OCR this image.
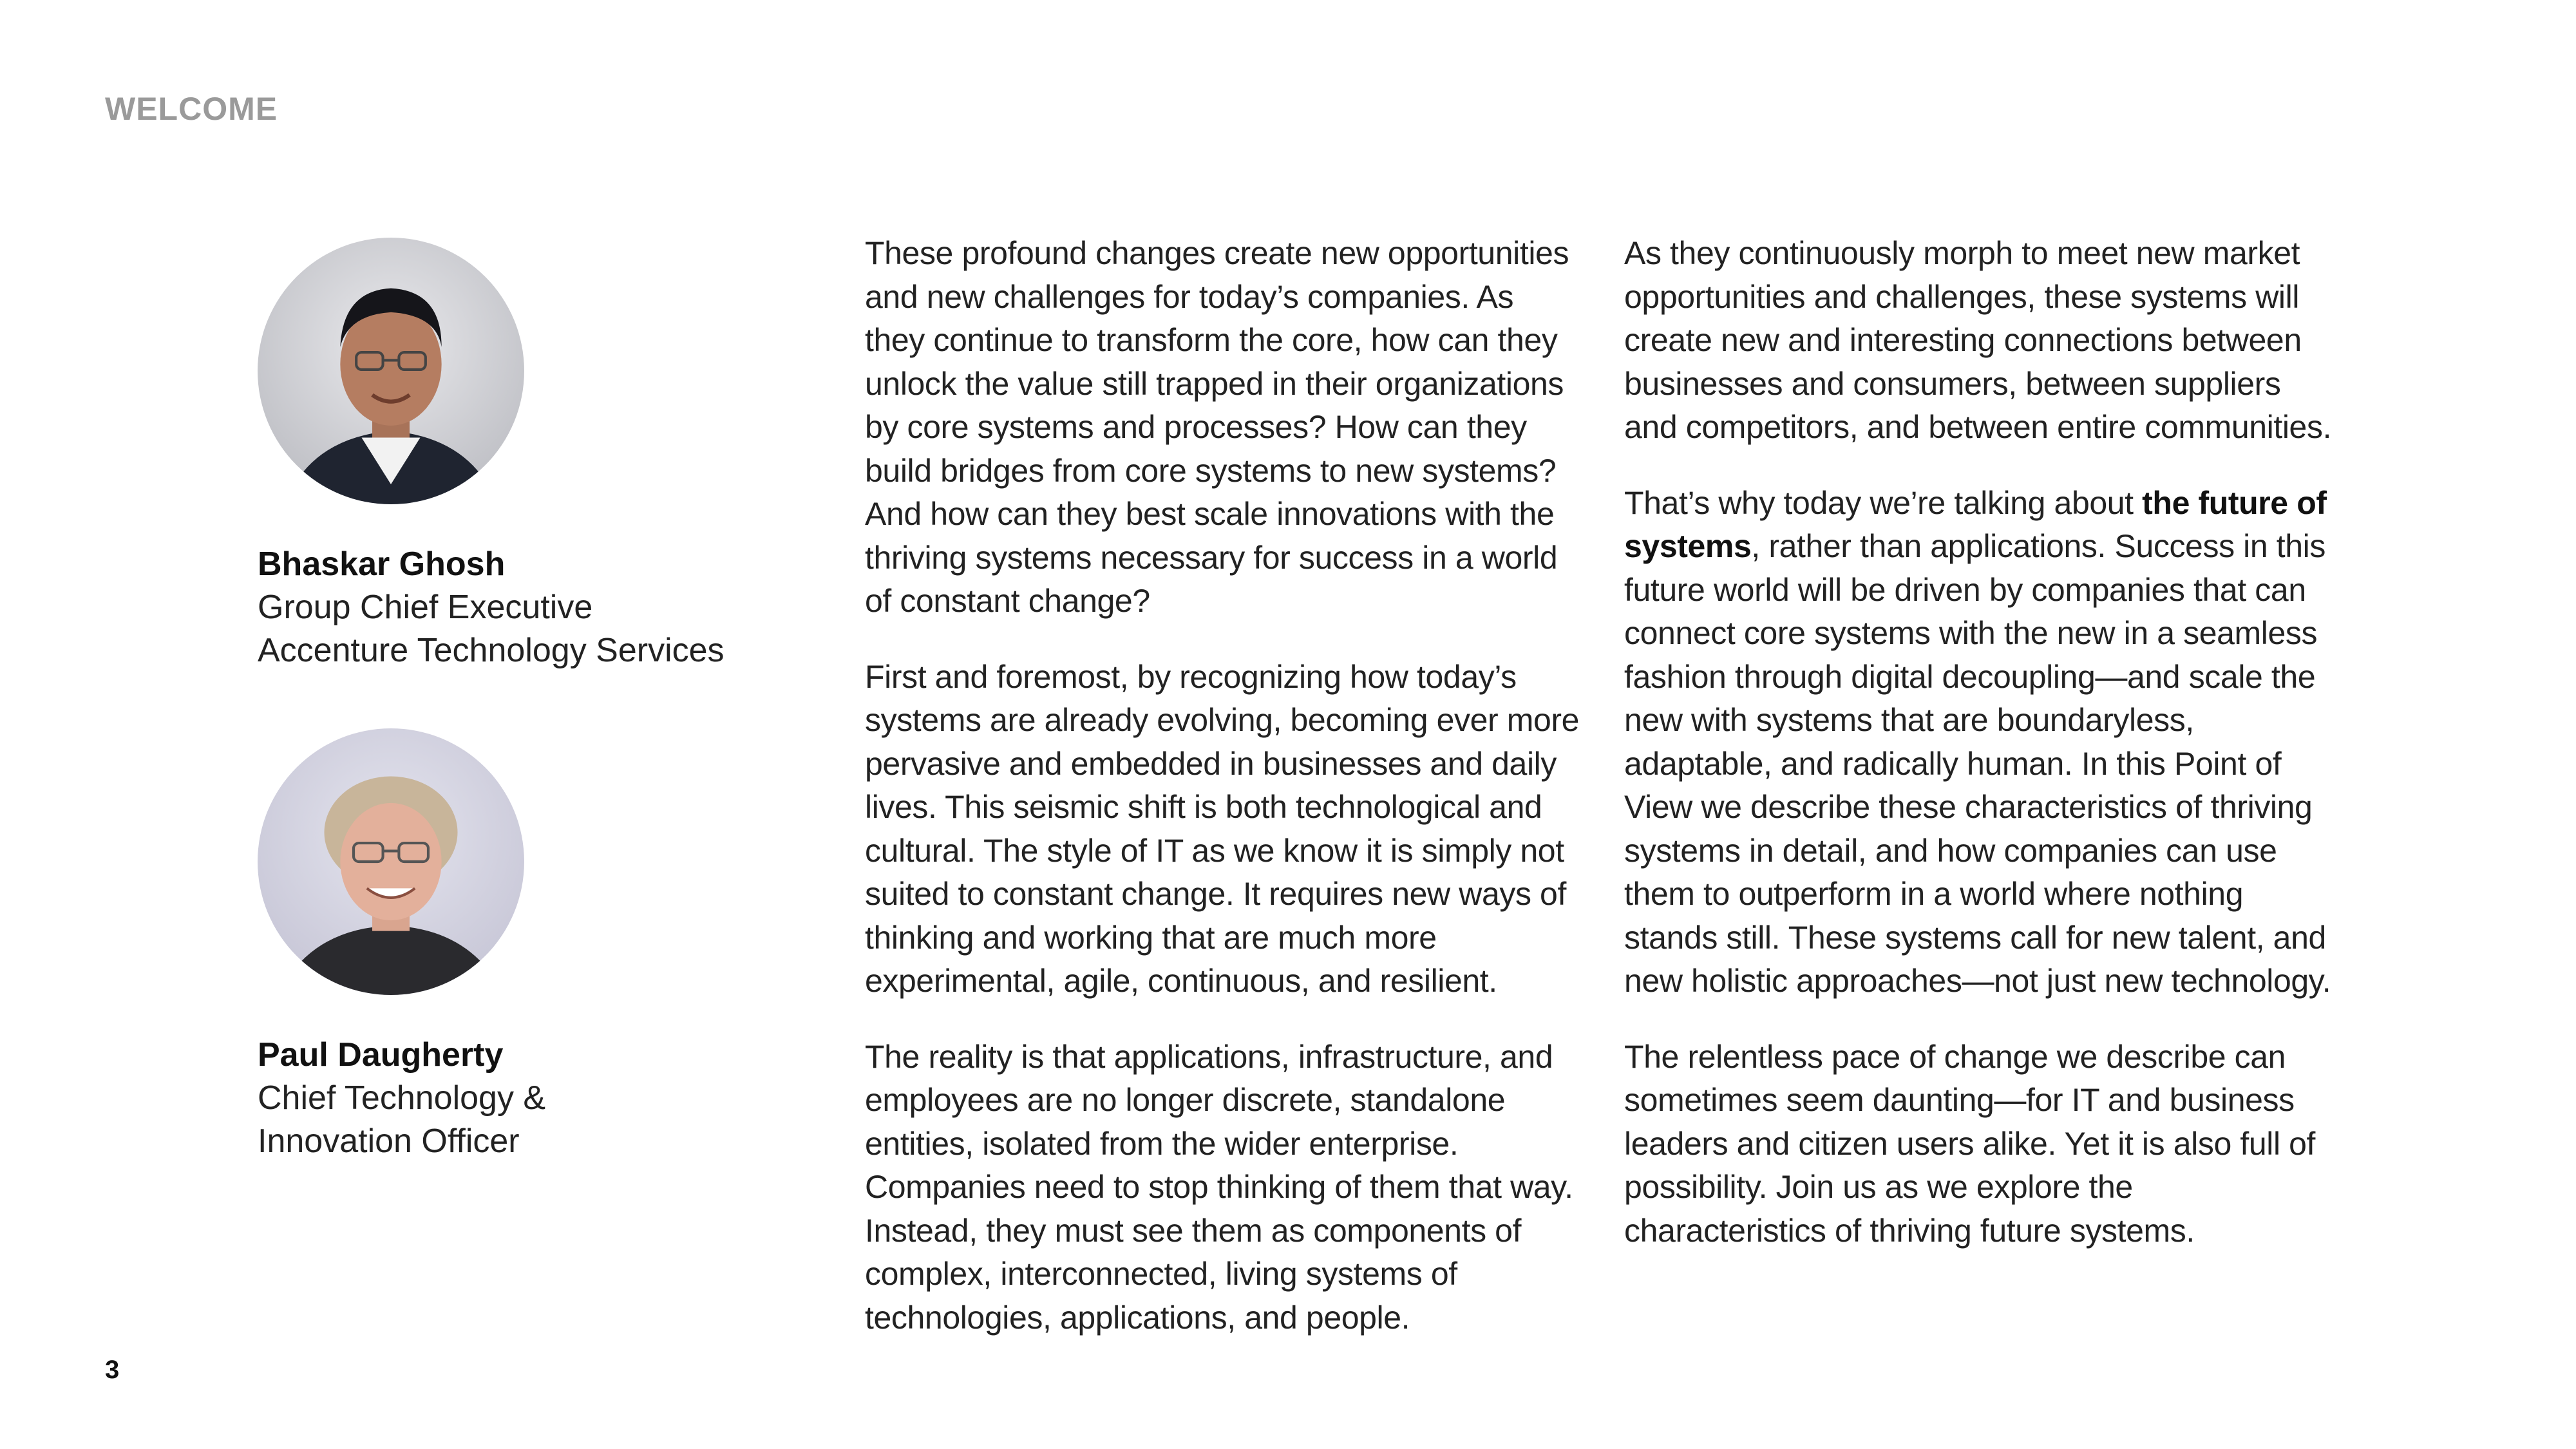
WELCOME
Bhaskar Ghosh
Group Chief Executive
Accenture Technology Services
Paul Daugherty
Chief Technology &
Innovation Officer

These profound changes create new opportunities and new challenges for today’s companies. As they continue to transform the core, how can they unlock the value still trapped in their organizations by core systems and processes? How can they build bridges from core systems to new systems? And how can they best scale innovations with the thriving systems necessary for success in a world of constant change?

First and foremost, by recognizing how today’s systems are already evolving, becoming ever more pervasive and embedded in businesses and daily lives. This seismic shift is both technological and cultural. The style of IT as we know it is simply not suited to constant change. It requires new ways of thinking and working that are much more experimental, agile, continuous, and resilient.

The reality is that applications, infrastructure, and employees are no longer discrete, standalone entities, isolated from the wider enterprise. Companies need to stop thinking of them that way. Instead, they must see them as components of complex, interconnected, living systems of technologies, applications, and people.

As they continuously morph to meet new market opportunities and challenges, these systems will create new and interesting connections between businesses and consumers, between suppliers and competitors, and between entire communities.

That’s why today we’re talking about the future of systems, rather than applications. Success in this future world will be driven by companies that can connect core systems with the new in a seamless fashion through digital decoupling—and scale the new with systems that are boundaryless, adaptable, and radically human. In this Point of View we describe these characteristics of thriving systems in detail, and how companies can use them to outperform in a world where nothing stands still. These systems call for new talent, and new holistic approaches—not just new technology.

The relentless pace of change we describe can sometimes seem daunting—for IT and business leaders and citizen users alike. Yet it is also full of possibility. Join us as we explore the characteristics of thriving future systems.

3
